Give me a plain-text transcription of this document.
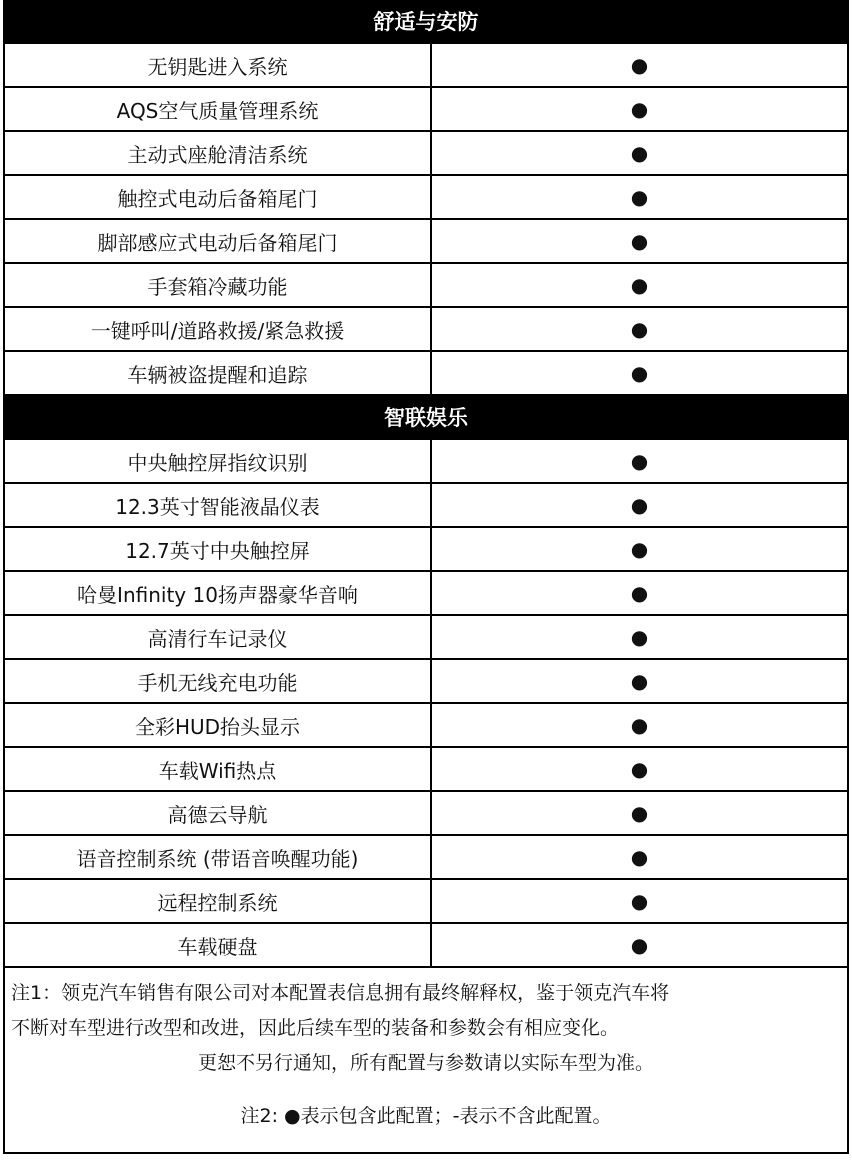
舒适与安防
无钥匙进入系统	●
AQS空气质量管理系统	●
主动式座舱清洁系统	●
触控式电动后备箱尾门	●
脚部感应式电动后备箱尾门	●
手套箱冷藏功能	●
一键呼叫/道路救援/紧急救援	●
车辆被盗提醒和追踪	●
智联娱乐
中央触控屏指纹识别	●
12.3英寸智能液晶仪表	●
12.7英寸中央触控屏	●
哈曼Infinity 10扬声器豪华音响	●
高清行车记录仪	●
手机无线充电功能	●
全彩HUD抬头显示	●
车载Wifi热点	●
高德云导航	●
语音控制系统 (带语音唤醒功能)	●
远程控制系统	●
车载硬盘	●

注1：领克汽车销售有限公司对本配置表信息拥有最终解释权，鉴于领克汽车将

不断对车型进行改型和改进，因此后续车型的装备和参数会有相应变化。

更恕不另行通知，所有配置与参数请以实际车型为准。

注2: ●表示包含此配置；-表示不含此配置。
